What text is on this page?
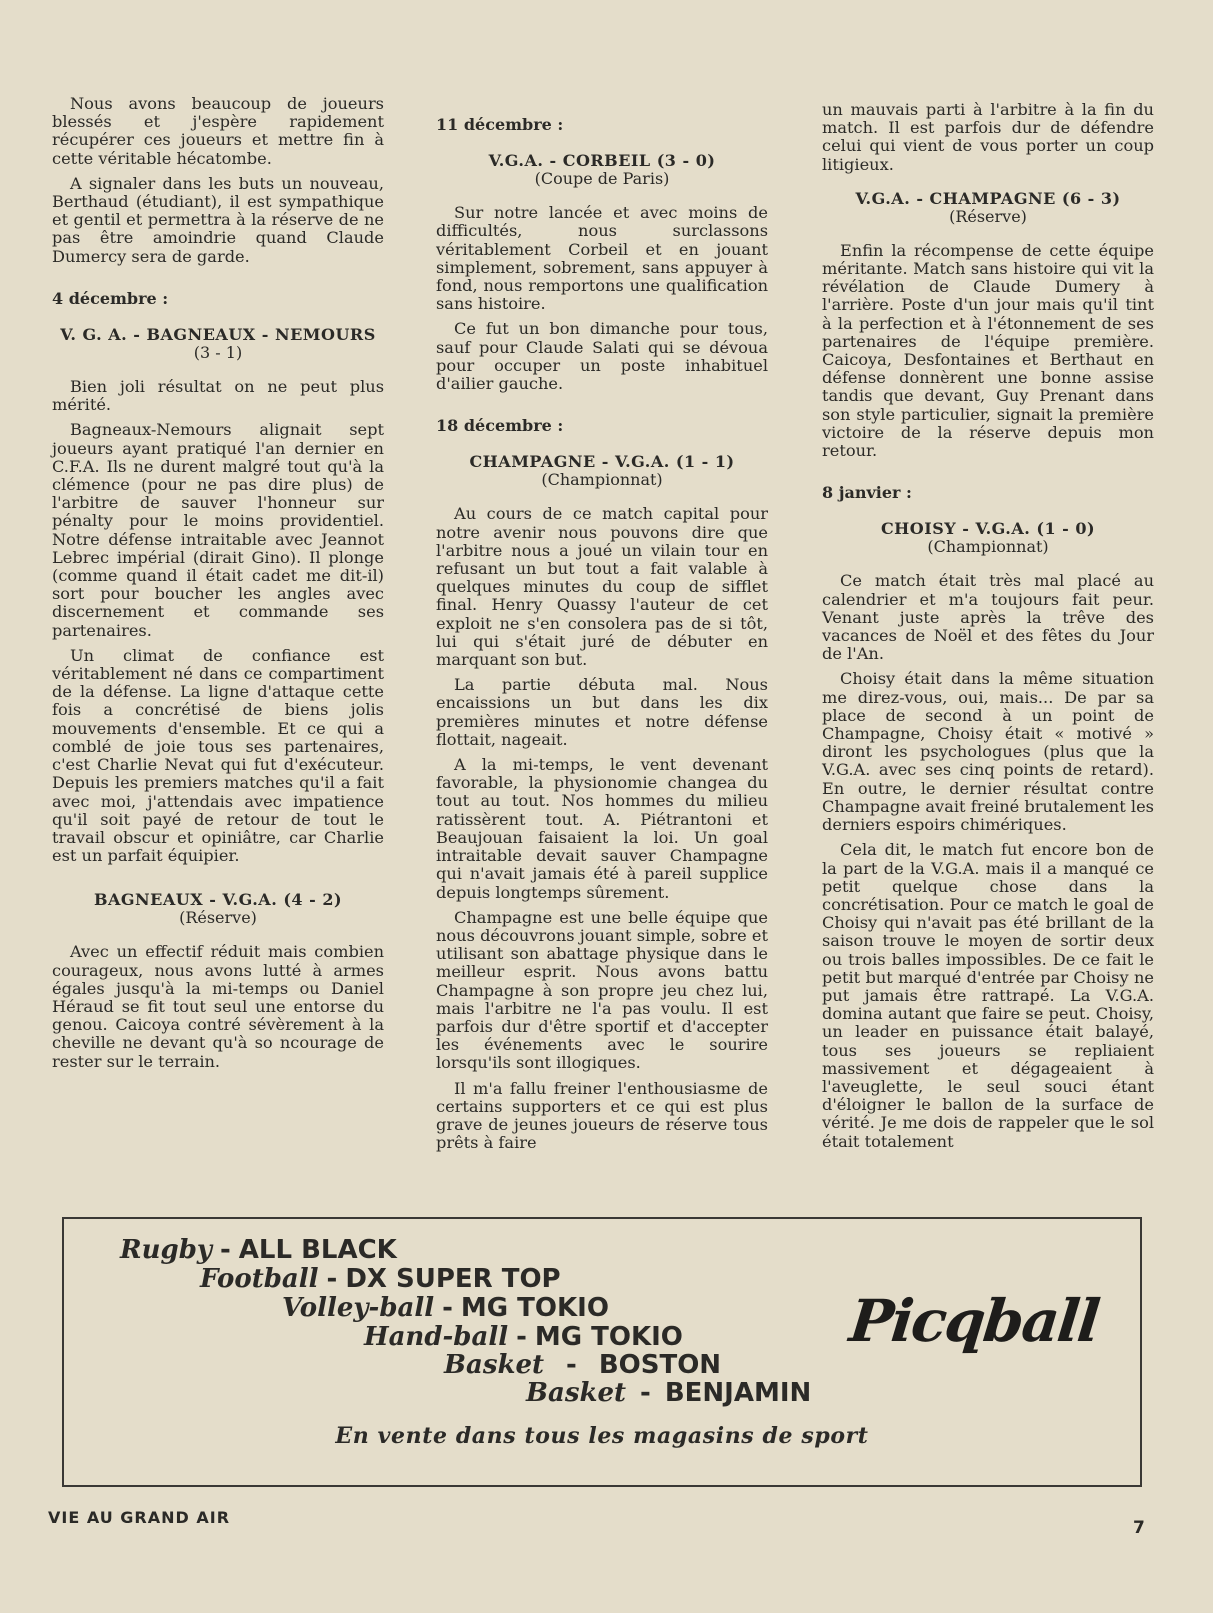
Nous avons beaucoup de joueurs blessés et j'espère rapidement récupérer ces joueurs et mettre fin à cette véritable hécatombe.

A signaler dans les buts un nouveau, Berthaud (étudiant), il est sympathique et gentil et permettra à la réserve de ne pas être amoindrie quand Claude Dumercy sera de garde.

4 décembre :

V. G. A. - BAGNEAUX - NEMOURS
(3 - 1)

Bien joli résultat on ne peut plus mérité.

Bagneaux-Nemours alignait sept joueurs ayant pratiqué l'an dernier en C.F.A. Ils ne durent malgré tout qu'à la clémence (pour ne pas dire plus) de l'arbitre de sauver l'honneur sur pénalty pour le moins providentiel. Notre défense intraitable avec Jeannot Lebrec impérial (dirait Gino). Il plonge (comme quand il était cadet me dit-il) sort pour boucher les angles avec discernement et commande ses partenaires.

Un climat de confiance est véritablement né dans ce compartiment de la défense. La ligne d'attaque cette fois a concrétisé de biens jolis mouvements d'ensemble. Et ce qui a comblé de joie tous ses partenaires, c'est Charlie Nevat qui fut d'exécuteur. Depuis les premiers matches qu'il a fait avec moi, j'attendais avec impatience qu'il soit payé de retour de tout le travail obscur et opiniâtre, car Charlie est un parfait équipier.

BAGNEAUX - V.G.A. (4 - 2)
(Réserve)

Avec un effectif réduit mais combien courageux, nous avons lutté à armes égales jusqu'à la mi-temps ou Daniel Héraud se fit tout seul une entorse du genou. Caicoya contré sévèrement à la cheville ne devant qu'à so ncourage de rester sur le terrain.

11 décembre :

V.G.A. - CORBEIL (3 - 0)
(Coupe de Paris)

Sur notre lancée et avec moins de difficultés, nous surclassons véritablement Corbeil et en jouant simplement, sobrement, sans appuyer à fond, nous remportons une qualification sans histoire.

Ce fut un bon dimanche pour tous, sauf pour Claude Salati qui se dévoua pour occuper un poste inhabituel d'ailier gauche.

18 décembre :

CHAMPAGNE - V.G.A. (1 - 1)
(Championnat)

Au cours de ce match capital pour notre avenir nous pouvons dire que l'arbitre nous a joué un vilain tour en refusant un but tout a fait valable à quelques minutes du coup de sifflet final. Henry Quassy l'auteur de cet exploit ne s'en consolera pas de si tôt, lui qui s'était juré de débuter en marquant son but.

La partie débuta mal. Nous encaissions un but dans les dix premières minutes et notre défense flottait, nageait.

A la mi-temps, le vent devenant favorable, la physionomie changea du tout au tout. Nos hommes du milieu ratissèrent tout. A. Piétrantoni et Beaujouan faisaient la loi. Un goal intraitable devait sauver Champagne qui n'avait jamais été à pareil supplice depuis longtemps sûrement.

Champagne est une belle équipe que nous découvrons jouant simple, sobre et utilisant son abattage physique dans le meilleur esprit. Nous avons battu Champagne à son propre jeu chez lui, mais l'arbitre ne l'a pas voulu. Il est parfois dur d'être sportif et d'accepter les événements avec le sourire lorsqu'ils sont illogiques.

Il m'a fallu freiner l'enthousiasme de certains supporters et ce qui est plus grave de jeunes joueurs de réserve tous prêts à faire

un mauvais parti à l'arbitre à la fin du match. Il est parfois dur de défendre celui qui vient de vous porter un coup litigieux.

V.G.A. - CHAMPAGNE (6 - 3)
(Réserve)

Enfin la récompense de cette équipe méritante. Match sans histoire qui vit la révélation de Claude Dumery à l'arrière. Poste d'un jour mais qu'il tint à la perfection et à l'étonnement de ses partenaires de l'équipe première. Caicoya, Desfontaines et Berthaut en défense donnèrent une bonne assise tandis que devant, Guy Prenant dans son style particulier, signait la première victoire de la réserve depuis mon retour.

8 janvier :

CHOISY - V.G.A. (1 - 0)
(Championnat)

Ce match était très mal placé au calendrier et m'a toujours fait peur. Venant juste après la trêve des vacances de Noël et des fêtes du Jour de l'An.

Choisy était dans la même situation me direz-vous, oui, mais... De par sa place de second à un point de Champagne, Choisy était « motivé » diront les psychologues (plus que la V.G.A. avec ses cinq points de retard). En outre, le dernier résultat contre Champagne avait freiné brutalement les derniers espoirs chimériques.

Cela dit, le match fut encore bon de la part de la V.G.A. mais il a manqué ce petit quelque chose dans la concrétisation. Pour ce match le goal de Choisy qui n'avait pas été brillant de la saison trouve le moyen de sortir deux ou trois balles impossibles. De ce fait le petit but marqué d'entrée par Choisy ne put jamais être rattrapé. La V.G.A. domina autant que faire se peut. Choisy, un leader en puissance était balayé, tous ses joueurs se repliaient massivement et dégageaient à l'aveuglette, le seul souci étant d'éloigner le ballon de la surface de vérité. Je me dois de rappeler que le sol était totalement

Rugby - ALL BLACK
Football - DX SUPER TOP
Volley-ball - MG TOKIO
Hand-ball - MG TOKIO
Basket - BOSTON
Basket - BENJAMIN
Picqball
En vente dans tous les magasins de sport
VIE AU GRAND AIR
7
